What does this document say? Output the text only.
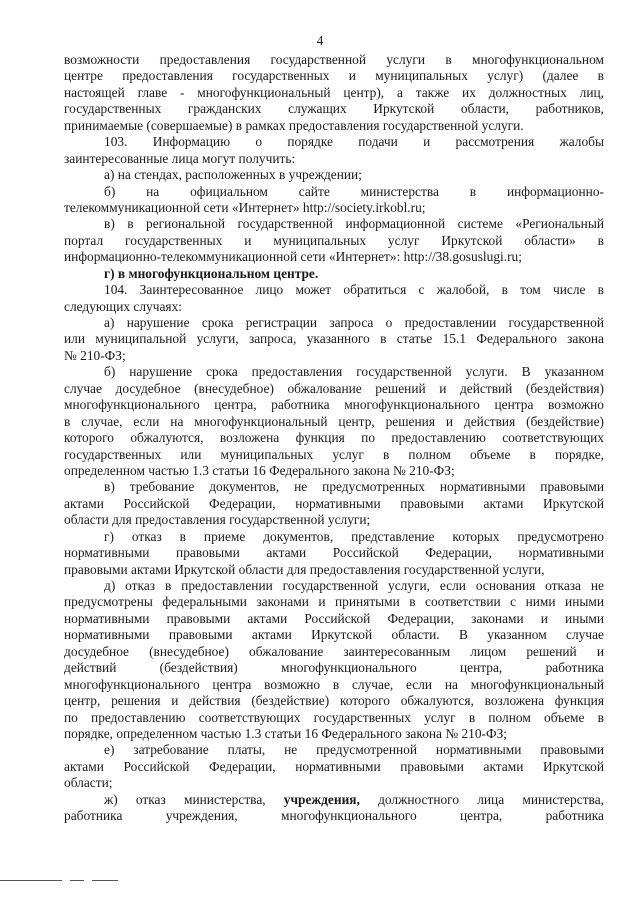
4
возможности предоставления государственной услуги в многофункциональном
центре предоставления государственных и муниципальных услуг) (далее в
настоящей главе - многофункциональный центр), а также их должностных лиц,
государственных гражданских служащих Иркутской области, работников,
принимаемые (совершаемые) в рамках предоставления государственной услуги.
103. Информацию о порядке подачи и рассмотрения жалобы
заинтересованные лица могут получить:
а) на стендах, расположенных в учреждении;
б) на официальном сайте министерства в информационно-
телекоммуникационной сети «Интернет» http://society.irkobl.ru;
в) в региональной государственной информационной системе «Региональный
портал государственных и муниципальных услуг Иркутской области» в
информационно-телекоммуникационной сети «Интернет»: http://38.gosuslugi.ru;
г) в многофункциональном центре.
104. Заинтересованное лицо может обратиться с жалобой, в том числе в
следующих случаях:
а) нарушение срока регистрации запроса о предоставлении государственной
или муниципальной услуги, запроса, указанного в статье 15.1 Федерального закона
№ 210-ФЗ;
б) нарушение срока предоставления государственной услуги. В указанном
случае досудебное (внесудебное) обжалование решений и действий (бездействия)
многофункционального центра, работника многофункционального центра возможно
в случае, если на многофункциональный центр, решения и действия (бездействие)
которого обжалуются, возложена функция по предоставлению соответствующих
государственных или муниципальных услуг в полном объеме в порядке,
определенном частью 1.3 статьи 16 Федерального закона № 210-ФЗ;
в) требование документов, не предусмотренных нормативными правовыми
актами Российской Федерации, нормативными правовыми актами Иркутской
области для предоставления государственной услуги;
г) отказ в приеме документов, представление которых предусмотрено
нормативными правовыми актами Российской Федерации, нормативными
правовыми актами Иркутской области для предоставления государственной услуги,
д) отказ в предоставлении государственной услуги, если основания отказа не
предусмотрены федеральными законами и принятыми в соответствии с ними иными
нормативными правовыми актами Российской Федерации, законами и иными
нормативными правовыми актами Иркутской области. В указанном случае
досудебное (внесудебное) обжалование заинтересованным лицом решений и
действий (бездействия) многофункционального центра, работника
многофункционального центра возможно в случае, если на многофункциональный
центр, решения и действия (бездействие) которого обжалуются, возложена функция
по предоставлению соответствующих государственных услуг в полном объеме в
порядке, определенном частью 1.3 статьи 16 Федерального закона № 210-ФЗ;
е) затребование платы, не предусмотренной нормативными правовыми
актами Российской Федерации, нормативными правовыми актами Иркутской
области;
ж) отказ министерства, учреждения, должностного лица министерства,
работника учреждения, многофункционального центра, работника
